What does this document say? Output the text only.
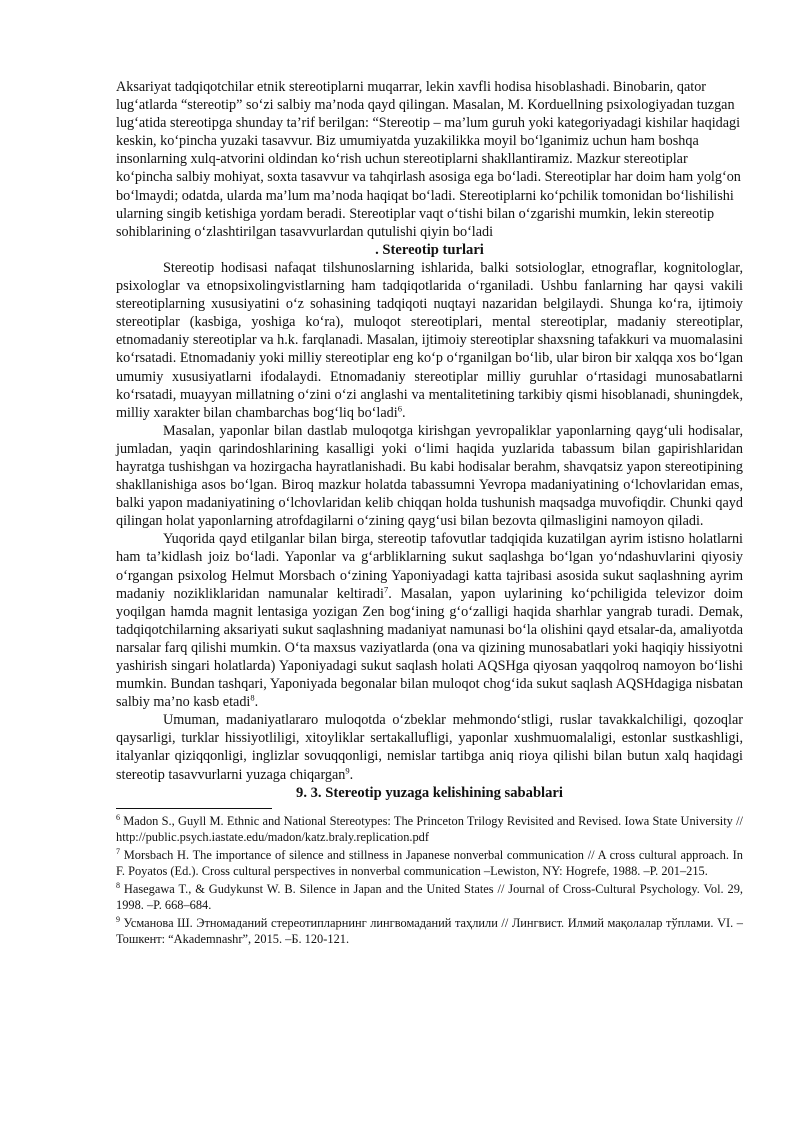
Aksariyat tadqiqotchilar etnik stereotiplarni muqarrar, lekin xavfli hodisa hisoblashadi. Binobarin, qator lugʻatlarda “stereotip” soʻzi salbiy ma’noda qayd qilingan. Masalan, M. Korduellning psixologiyadan tuzgan lugʻatida stereotipga shunday ta’rif berilgan: “Stereotip – ma’lum guruh yoki kategoriyadagi kishilar haqidagi keskin, koʻpincha yuzaki tasavvur. Biz umumiyatda yuzakilikka moyil boʻlganimiz uchun ham boshqa insonlarning xulq-atvorini oldindan koʻrish uchun stereotiplarni shakllantiramiz. Mazkur stereotiplar koʻpincha salbiy mohiyat, soxta tasavvur va tahqirlash asosiga ega boʻladi. Stereotiplar har doim ham yolgʻon boʻlmaydi; odatda, ularda ma’lum ma’noda haqiqat boʻladi. Stereotiplarni koʻpchilik tomonidan boʻlishilishi ularning singib ketishiga yordam beradi. Stereotiplar vaqt oʻtishi bilan oʻzgarishi mumkin, lekin stereotip sohiblarining oʻzlashtirilgan tasavvurlardan qutulishi qiyin boʻladi

. Stereotip turlari

Stereotip hodisasi nafaqat tilshunoslarning ishlarida, balki sotsiologlar, etnograflar, kognitologlar, psixologlar va etnopsixolingvistlarning ham tadqiqotlarida oʻrganiladi. Ushbu fanlarning har qaysi vakili stereotiplarning xususiyatini oʻz sohasining tadqiqoti nuqtayi nazaridan belgilaydi. Shunga koʻra, ijtimoiy stereotiplar (kasbiga, yoshiga koʻra), muloqot stereotiplari, mental stereotiplar, madaniy stereotiplar, etnomadaniy stereotiplar va h.k. farqlanadi. Masalan, ijtimoiy stereotiplar shaxsning tafakkuri va muomalasini koʻrsatadi. Etnomadaniy yoki milliy stereotiplar eng koʻp oʻrganilgan boʻlib, ular biron bir xalqqa xos boʻlgan umumiy xususiyatlarni ifodalaydi. Etnomadaniy stereotiplar milliy guruhlar oʻrtasidagi munosabatlarni koʻrsatadi, muayyan millatning oʻzini oʻzi anglashi va mentalitetining tarkibiy qismi hisoblanadi, shuningdek, milliy xarakter bilan chambarchas bogʻliq boʻladi$^6$.

Masalan, yaponlar bilan dastlab muloqotga kirishgan yevropaliklar yaponlarning qaygʻuli hodisalar, jumladan, yaqin qarindoshlarining kasalligi yoki oʻlimi haqida yuzlarida tabassum bilan gapirishlaridan hayratga tushishgan va hozirgacha hayratlanishadi. Bu kabi hodisalar berahm, shavqatsiz yapon stereotipining shakllanishiga asos boʻlgan. Biroq mazkur holatda tabassumni Yevropa madaniyatining oʻlchovlaridan emas, balki yapon madaniyatining oʻlchovlaridan kelib chiqqan holda tushunish maqsadga muvofiqdir. Chunki qayd qilingan holat yaponlarning atrofdagilarni oʻzining qaygʻusi bilan bezovta qilmasligini namoyon qiladi.

Yuqorida qayd etilganlar bilan birga, stereotip tafovutlar tadqiqida kuzatilgan ayrim istisno holatlarni ham ta’kidlash joiz boʻladi. Yaponlar va gʻarbliklarning sukut saqlashga boʻlgan yoʻndashuvlarini qiyosiy oʻrgangan psixolog Helmut Morsbach oʻzining Yaponiyadagi katta tajribasi asosida sukut saqlashning ayrim madaniy nozikliklaridan namunalar keltiradi$^7$. Masalan, yapon uylarining koʻpchiligida televizor doim yoqilgan hamda magnit lentasiga yozigan Zen bogʻining gʻoʻzalligi haqida sharhlar yangrab turadi. Demak, tadqiqotchilarning aksariyati sukut saqlashning madaniyat namunasi boʻla olishini qayd etsalar-da, amaliyotda narsalar farq qilishi mumkin. Oʻta maxsus vaziyatlarda (ona va qizining munosabatlari yoki haqiqiy hissiyotni yashirish singari holatlarda) Yaponiyadagi sukut saqlash holati AQSHga qiyosan yaqqolroq namoyon boʻlishi mumkin. Bundan tashqari, Yaponiyada begonalar bilan muloqot chogʻida sukut saqlash AQSHdagiga nisbatan salbiy ma’no kasb etadi$^8$.

Umuman, madaniyatlararo muloqotda oʻzbeklar mehmondoʻstligi, ruslar tavakkalchiligi, qozoqlar qaysarligi, turklar hissiyotliligi, xitoyliklar sertakallufligi, yaponlar xushmuomalaligi, estonlar sustkashligi, italyanlar qiziqqonligi, inglizlar sovuqqonligi, nemislar tartibga aniq rioya qilishi bilan butun xalq haqidagi stereotip tasavvurlarni yuzaga chiqargan$^9$.

9. 3. Stereotip yuzaga kelishining sabablari

$^6$ Madon S., Guyll M. Ethnic and National Stereotypes: The Princeton Trilogy Revisited and Revised. Iowa State University // http://public.psych.iastate.edu/madon/katz.braly.replication.pdf

$^7$ Morsbach H. The importance of silence and stillness in Japanese nonverbal communication // A cross cultural approach. In F. Poyatos (Ed.). Cross cultural perspectives in nonverbal communication –Lewiston, NY: Hogrefe, 1988. –P. 201–215.

$^8$ Hasegawa T., & Gudykunst W. B. Silence in Japan and the United States // Journal of Cross-Cultural Psychology. Vol. 29, 1998. –P. 668–684.

$^9$ Усманова Ш. Этномаданий стереотипларнинг лингвомаданий таҳлили // Лингвист. Илмий мақолалар тўплами. VI. –Тошкент: “Akademnashr”, 2015. –Б. 120-121.
